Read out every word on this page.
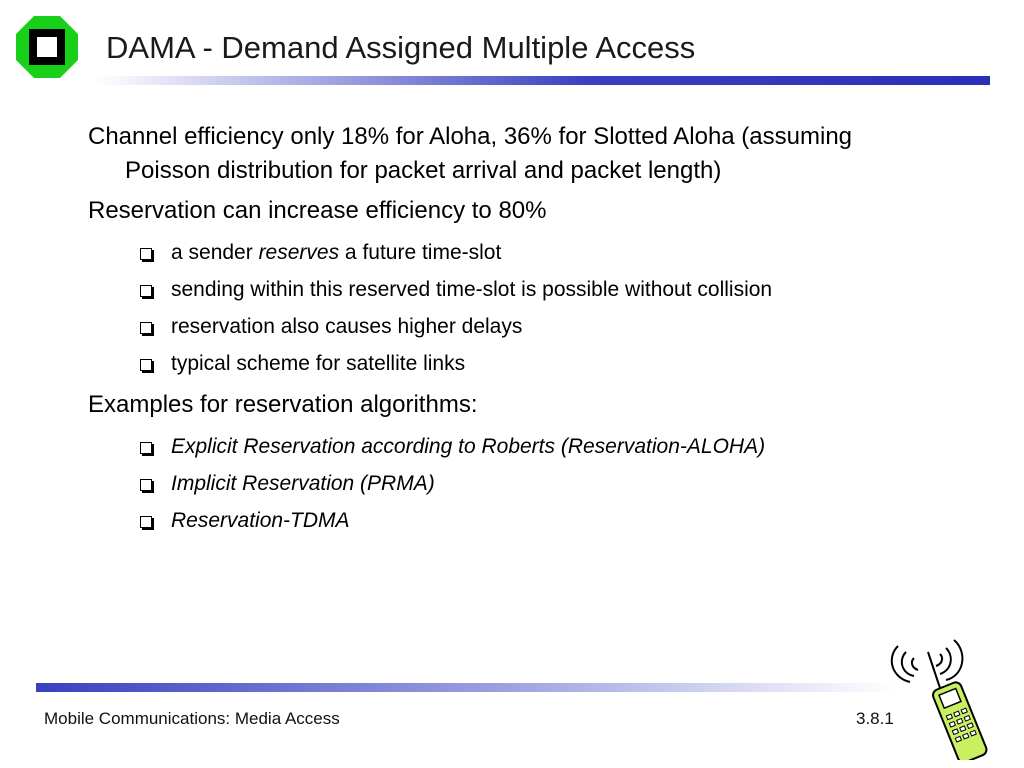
DAMA - Demand Assigned Multiple Access
Channel efficiency only 18% for Aloha, 36% for Slotted Aloha (assuming Poisson distribution for packet arrival and packet length)
Reservation can increase efficiency to 80%
a sender reserves a future time-slot
sending within this reserved time-slot is possible without collision
reservation also causes higher delays
typical scheme for satellite links
Examples for reservation algorithms:
Explicit Reservation according to Roberts (Reservation-ALOHA)
Implicit Reservation (PRMA)
Reservation-TDMA
Mobile Communications: Media Access	3.8.1
